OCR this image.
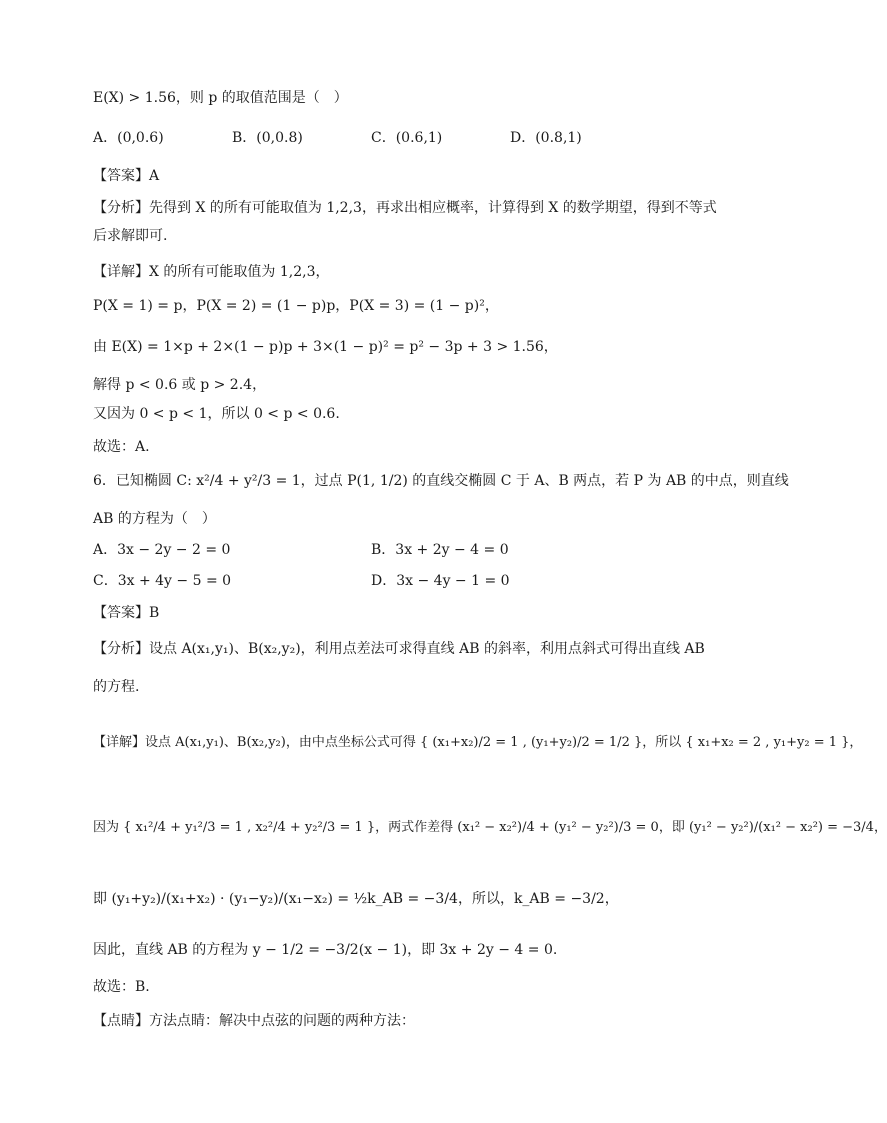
E(X) > 1.56，则 p 的取值范围是（　）
A．(0,0.6)	B．(0,0.8)	C．(0.6,1)	D．(0.8,1)
【答案】A
【分析】先得到 X 的所有可能取值为 1,2,3，再求出相应概率，计算得到 X 的数学期望，得到不等式
后求解即可.
【详解】X 的所有可能取值为 1,2,3，
P(X = 1) = p，P(X = 2) = (1 − p)p，P(X = 3) = (1 − p)²，
由 E(X) = 1×p + 2×(1 − p)p + 3×(1 − p)² = p² − 3p + 3 > 1.56，
解得 p < 0.6 或 p > 2.4，
又因为 0 < p < 1，所以 0 < p < 0.6.
故选：A.
6．已知椭圆 C: x²/4 + y²/3 = 1，过点 P(1, 1/2) 的直线交椭圆 C 于 A、B 两点，若 P 为 AB 的中点，则直线
AB 的方程为（　）
A．3x − 2y − 2 = 0	B．3x + 2y − 4 = 0
C．3x + 4y − 5 = 0	D．3x − 4y − 1 = 0
【答案】B
【分析】设点 A(x₁,y₁)、B(x₂,y₂)，利用点差法可求得直线 AB 的斜率，利用点斜式可得出直线 AB
的方程.
【详解】设点 A(x₁,y₁)、B(x₂,y₂)，由中点坐标公式可得 { (x₁+x₂)/2 = 1 , (y₁+y₂)/2 = 1/2 }，所以 { x₁+x₂ = 2 , y₁+y₂ = 1 }，
因为 { x₁²/4 + y₁²/3 = 1 , x₂²/4 + y₂²/3 = 1 }，两式作差得 (x₁² − x₂²)/4 + (y₁² − y₂²)/3 = 0，即 (y₁² − y₂²)/(x₁² − x₂²) = −3/4，
即 (y₁+y₂)/(x₁+x₂) · (y₁−y₂)/(x₁−x₂) = ½k_AB = −3/4，所以，k_AB = −3/2，
因此，直线 AB 的方程为 y − 1/2 = −3/2(x − 1)，即 3x + 2y − 4 = 0.
故选：B.
【点睛】方法点睛：解决中点弦的问题的两种方法：
